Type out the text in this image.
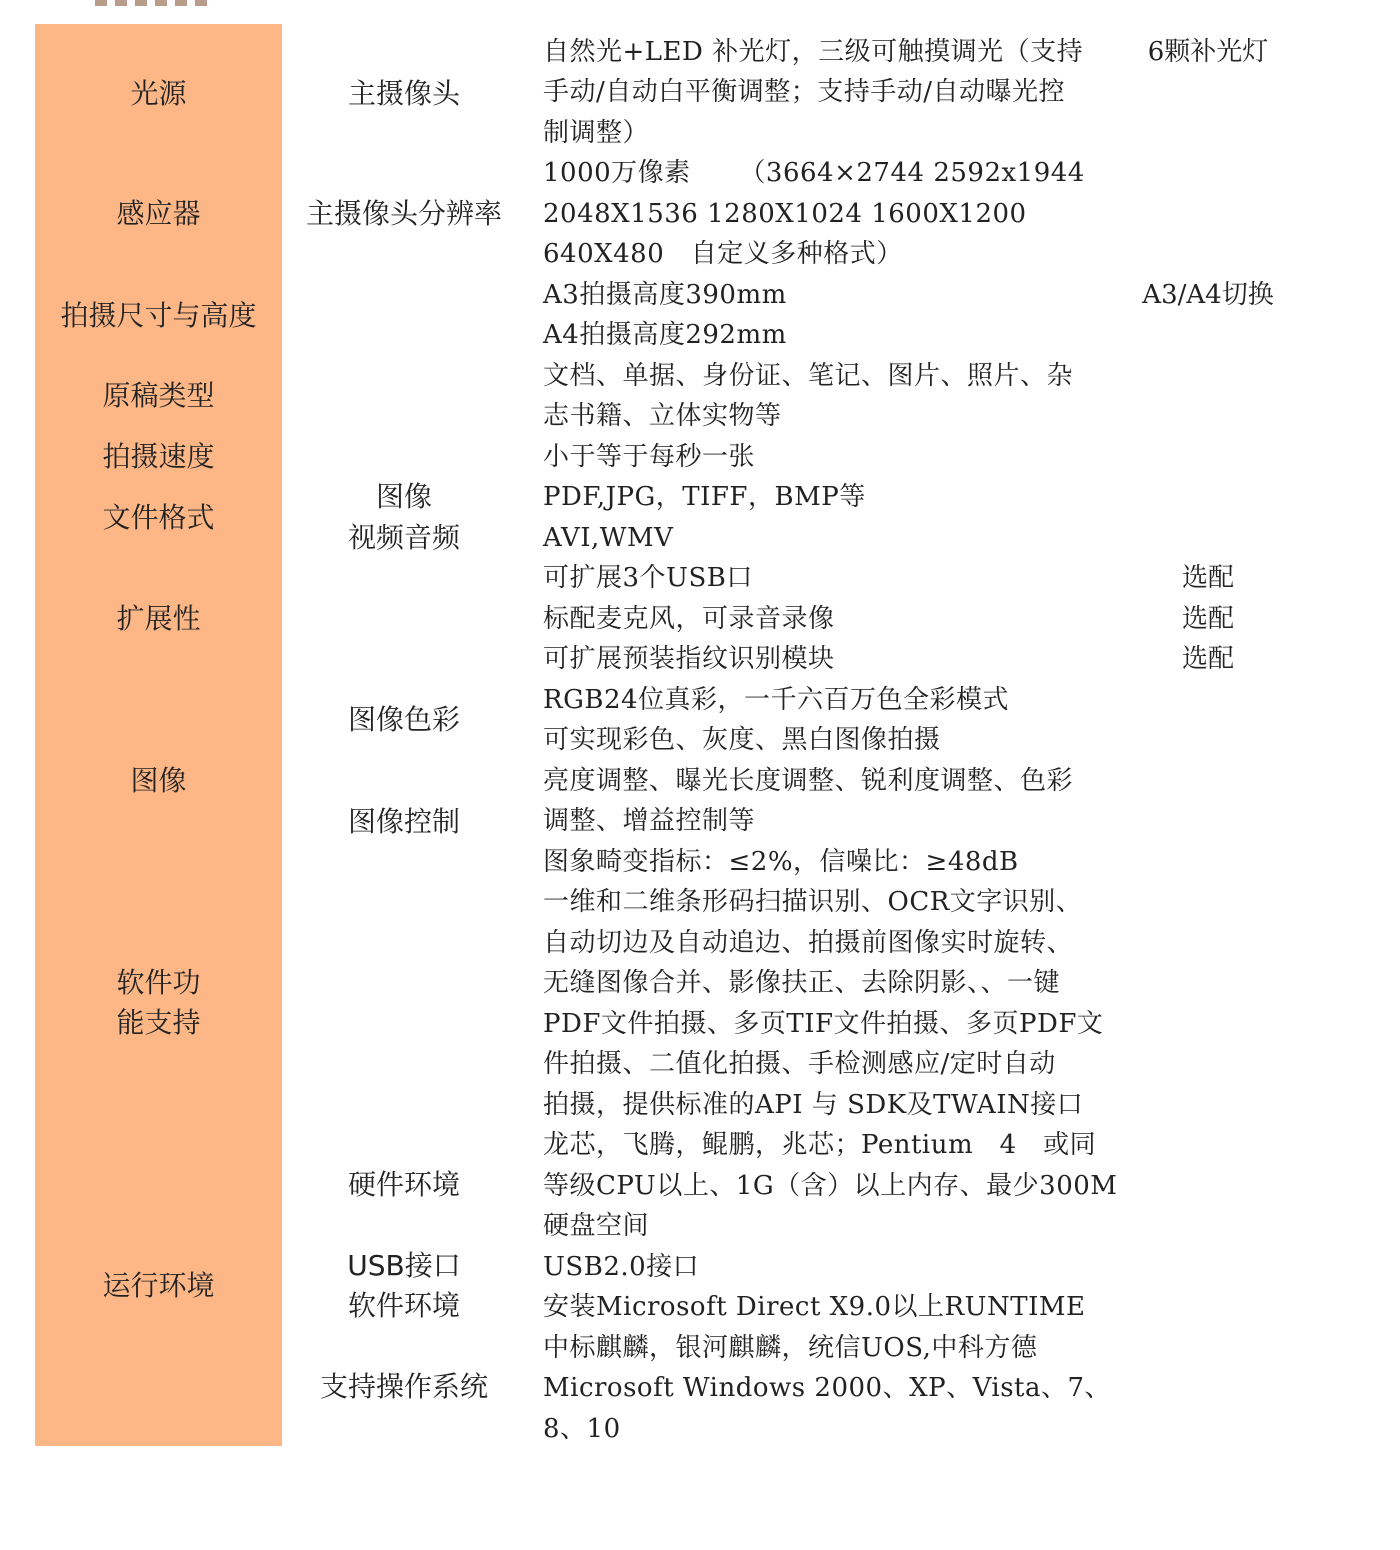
光源
感应器
拍摄尺寸与高度
原稿类型
拍摄速度
文件格式
扩展性
图像
软件功
能支持
运行环境
主摄像头
主摄像头分辨率
图像
视频音频
图像色彩
图像控制
硬件环境
USB接口
软件环境
支持操作系统
自然光+LED 补光灯，三级可触摸调光（支持
手动/自动白平衡调整；支持手动/自动曝光控
制调整）
1000万像素 　　（3664×2744 2592x1944
2048X1536 1280X1024 1600X1200
640X480　自定义多种格式）
A3拍摄高度390mm
A4拍摄高度292mm
文档、单据、身份证、笔记、图片、照片、杂
志书籍、立体实物等
小于等于每秒一张
PDF,JPG，TIFF，BMP等
AVI,WMV
可扩展3个USB口
标配麦克风，可录音录像
可扩展预装指纹识别模块
RGB24位真彩，一千六百万色全彩模式
可实现彩色、灰度、黑白图像拍摄
亮度调整、曝光长度调整、锐利度调整、色彩
调整、增益控制等
图象畸变指标：≤2%，信噪比：≥48dB
一维和二维条形码扫描识别、OCR文字识别、
自动切边及自动追边、拍摄前图像实时旋转、
无缝图像合并、影像扶正、去除阴影、、一键
PDF文件拍摄、多页TIF文件拍摄、多页PDF文
件拍摄、二值化拍摄、手检测感应/定时自动
拍摄，提供标准的API 与 SDK及TWAIN接口
龙芯，飞腾，鲲鹏，兆芯；Pentium　4　或同
等级CPU以上、1G（含）以上内存、最少300M
硬盘空间
USB2.0接口
安装Microsoft Direct X9.0以上RUNTIME
中标麒麟，银河麒麟，统信UOS,中科方德
Microsoft Windows 2000、XP、Vista、7、
8、10
6颗补光灯
A3/A4切换
选配
选配
选配
